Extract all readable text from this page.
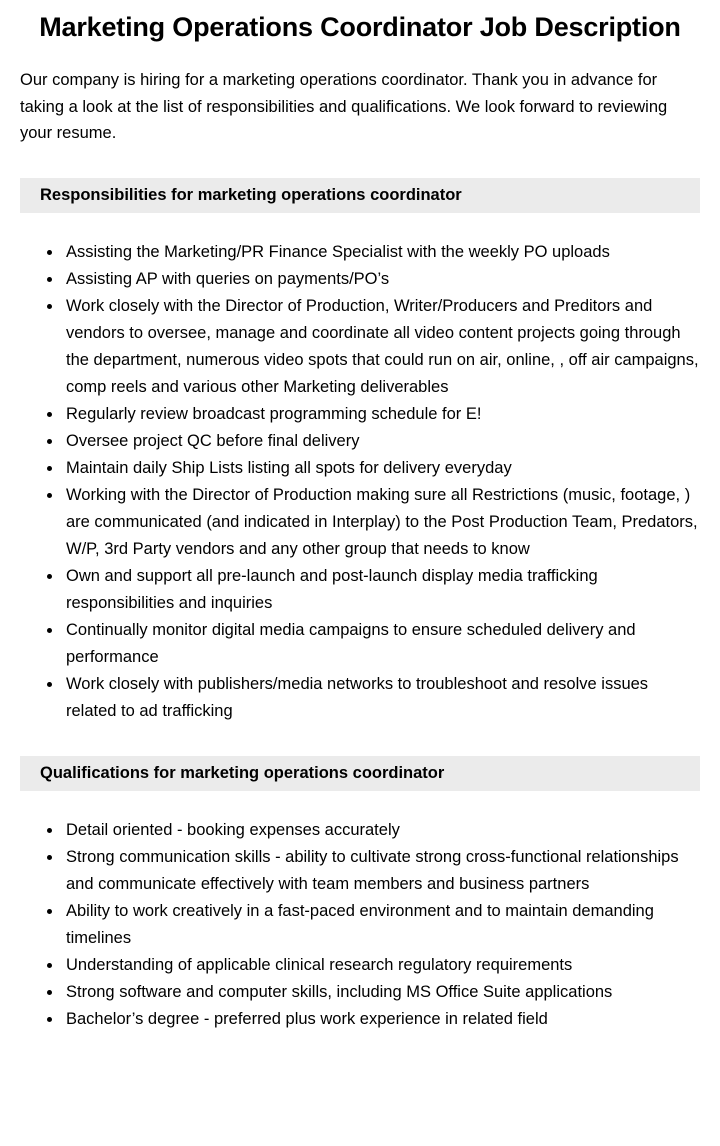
Marketing Operations Coordinator Job Description

Our company is hiring for a marketing operations coordinator. Thank you in advance for taking a look at the list of responsibilities and qualifications. We look forward to reviewing your resume.

Responsibilities for marketing operations coordinator
• Assisting the Marketing/PR Finance Specialist with the weekly PO uploads
• Assisting AP with queries on payments/PO’s
• Work closely with the Director of Production, Writer/Producers and Preditors and vendors to oversee, manage and coordinate all video content projects going through the department, numerous video spots that could run on air, online, , off air campaigns, comp reels and various other Marketing deliverables
• Regularly review broadcast programming schedule for E!
• Oversee project QC before final delivery
• Maintain daily Ship Lists listing all spots for delivery everyday
• Working with the Director of Production making sure all Restrictions (music, footage, ) are communicated (and indicated in Interplay) to the Post Production Team, Predators, W/P, 3rd Party vendors and any other group that needs to know
• Own and support all pre-launch and post-launch display media trafficking responsibilities and inquiries
• Continually monitor digital media campaigns to ensure scheduled delivery and performance
• Work closely with publishers/media networks to troubleshoot and resolve issues related to ad trafficking
Qualifications for marketing operations coordinator
• Detail oriented - booking expenses accurately
• Strong communication skills - ability to cultivate strong cross-functional relationships and communicate effectively with team members and business partners
• Ability to work creatively in a fast-paced environment and to maintain demanding timelines
• Understanding of applicable clinical research regulatory requirements
• Strong software and computer skills, including MS Office Suite applications
• Bachelor’s degree - preferred plus work experience in related field
